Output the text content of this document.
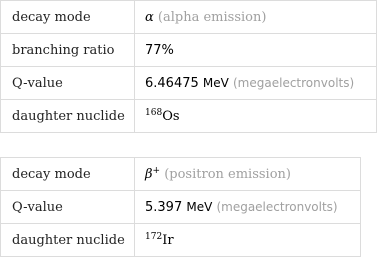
decay mode	α (alpha emission)
branching ratio	77%
Q-value	6.46475 MeV (megaelectronvolts)
daughter nuclide	$^{168}$Os
decay mode	β+ (positron emission)
Q-value	5.397 MeV (megaelectronvolts)
daughter nuclide	$^{172}$Ir
